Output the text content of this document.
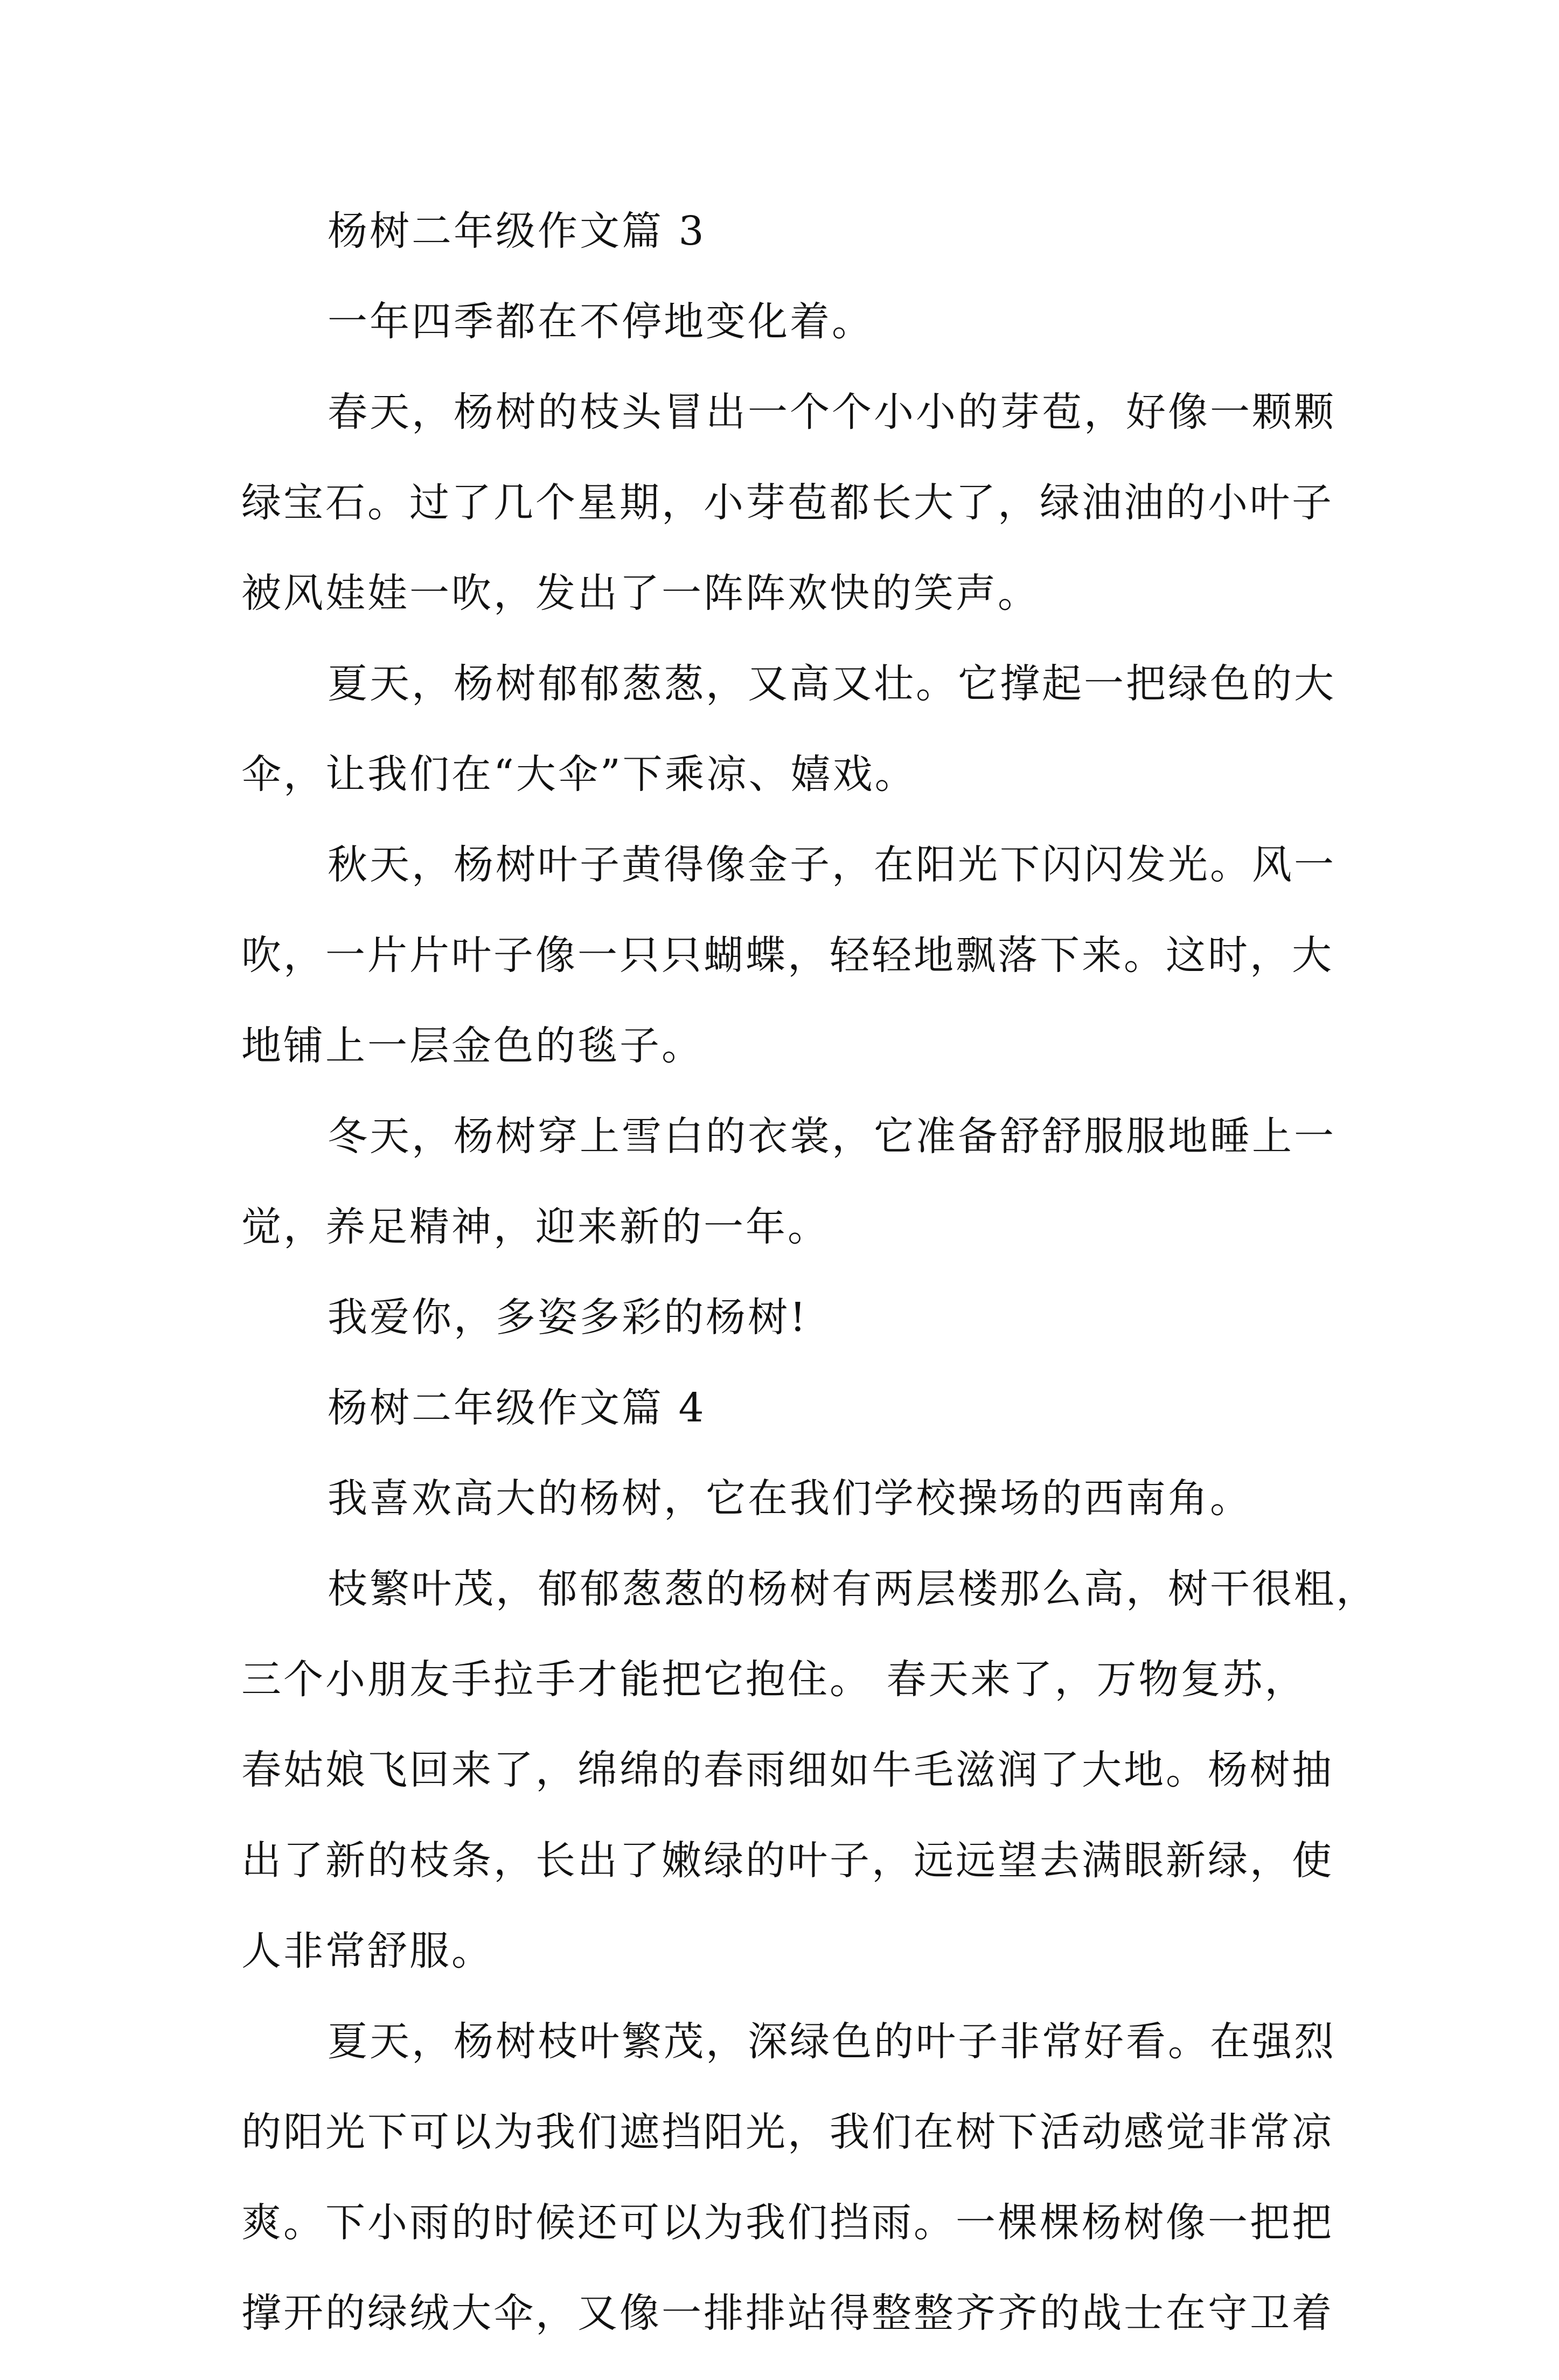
杨树二年级作文篇 3
一年四季都在不停地变化着。
春天，杨树的枝头冒出一个个小小的芽苞，好像一颗颗
绿宝石。过了几个星期，小芽苞都长大了，绿油油的小叶子
被风娃娃一吹，发出了一阵阵欢快的笑声。
夏天，杨树郁郁葱葱，又高又壮。它撑起一把绿色的大
伞，让我们在“大伞”下乘凉、嬉戏。
秋天，杨树叶子黄得像金子，在阳光下闪闪发光。风一
吹，一片片叶子像一只只蝴蝶，轻轻地飘落下来。这时，大
地铺上一层金色的毯子。
冬天，杨树穿上雪白的衣裳，它准备舒舒服服地睡上一
觉，养足精神，迎来新的一年。
我爱你，多姿多彩的杨树!
杨树二年级作文篇 4
我喜欢高大的杨树，它在我们学校操场的西南角。
枝繁叶茂，郁郁葱葱的杨树有两层楼那么高，树干很粗，
三个小朋友手拉手才能把它抱住。 春天来了，万物复苏，
春姑娘飞回来了，绵绵的春雨细如牛毛滋润了大地。杨树抽
出了新的枝条，长出了嫩绿的叶子，远远望去满眼新绿，使
人非常舒服。
夏天，杨树枝叶繁茂，深绿色的叶子非常好看。在强烈
的阳光下可以为我们遮挡阳光，我们在树下活动感觉非常凉
爽。下小雨的时候还可以为我们挡雨。一棵棵杨树像一把把
撑开的绿绒大伞，又像一排排站得整整齐齐的战士在守卫着
